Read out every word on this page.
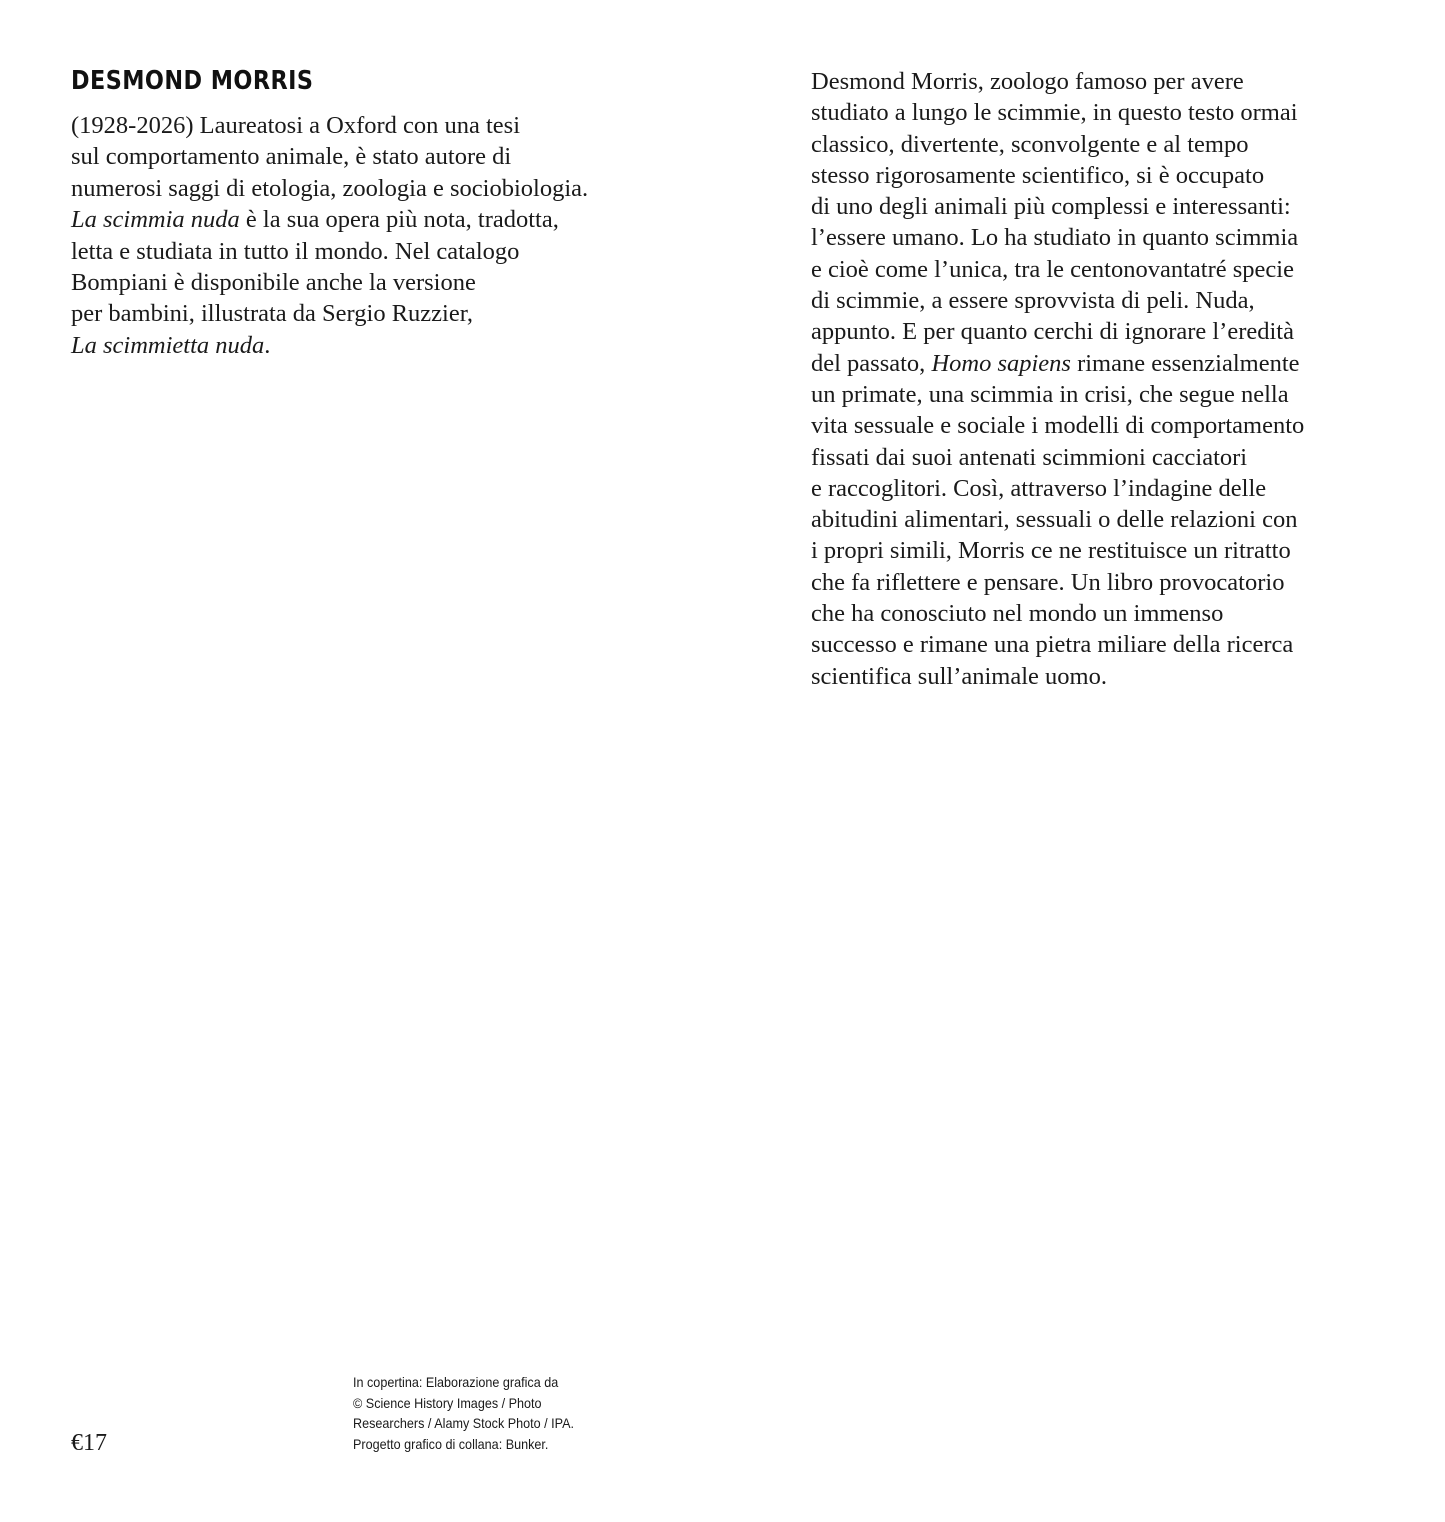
DESMOND MORRIS

(1928-2026) Laureatosi a Oxford con una tesi
sul comportamento animale, è stato autore di
numerosi saggi di etologia, zoologia e sociobiologia.
La scimmia nuda è la sua opera più nota, tradotta,
letta e studiata in tutto il mondo. Nel catalogo
Bompiani è disponibile anche la versione
per bambini, illustrata da Sergio Ruzzier,
La scimmietta nuda.

Desmond Morris, zoologo famoso per avere
studiato a lungo le scimmie, in questo testo ormai
classico, divertente, sconvolgente e al tempo
stesso rigorosamente scientifico, si è occupato
di uno degli animali più complessi e interessanti:
l’essere umano. Lo ha studiato in quanto scimmia
e cioè come l’unica, tra le centonovantatré specie
di scimmie, a essere sprovvista di peli. Nuda,
appunto. E per quanto cerchi di ignorare l’eredità
del passato, Homo sapiens rimane essenzialmente
un primate, una scimmia in crisi, che segue nella
vita sessuale e sociale i modelli di comportamento
fissati dai suoi antenati scimmioni cacciatori
e raccoglitori. Così, attraverso l’indagine delle
abitudini alimentari, sessuali o delle relazioni con
i propri simili, Morris ce ne restituisce un ritratto
che fa riflettere e pensare. Un libro provocatorio
che ha conosciuto nel mondo un immenso
successo e rimane una pietra miliare della ricerca
scientifica sull’animale uomo.

€17

In copertina: Elaborazione grafica da
© Science History Images / Photo
Researchers / Alamy Stock Photo / IPA.
Progetto grafico di collana: Bunker.
